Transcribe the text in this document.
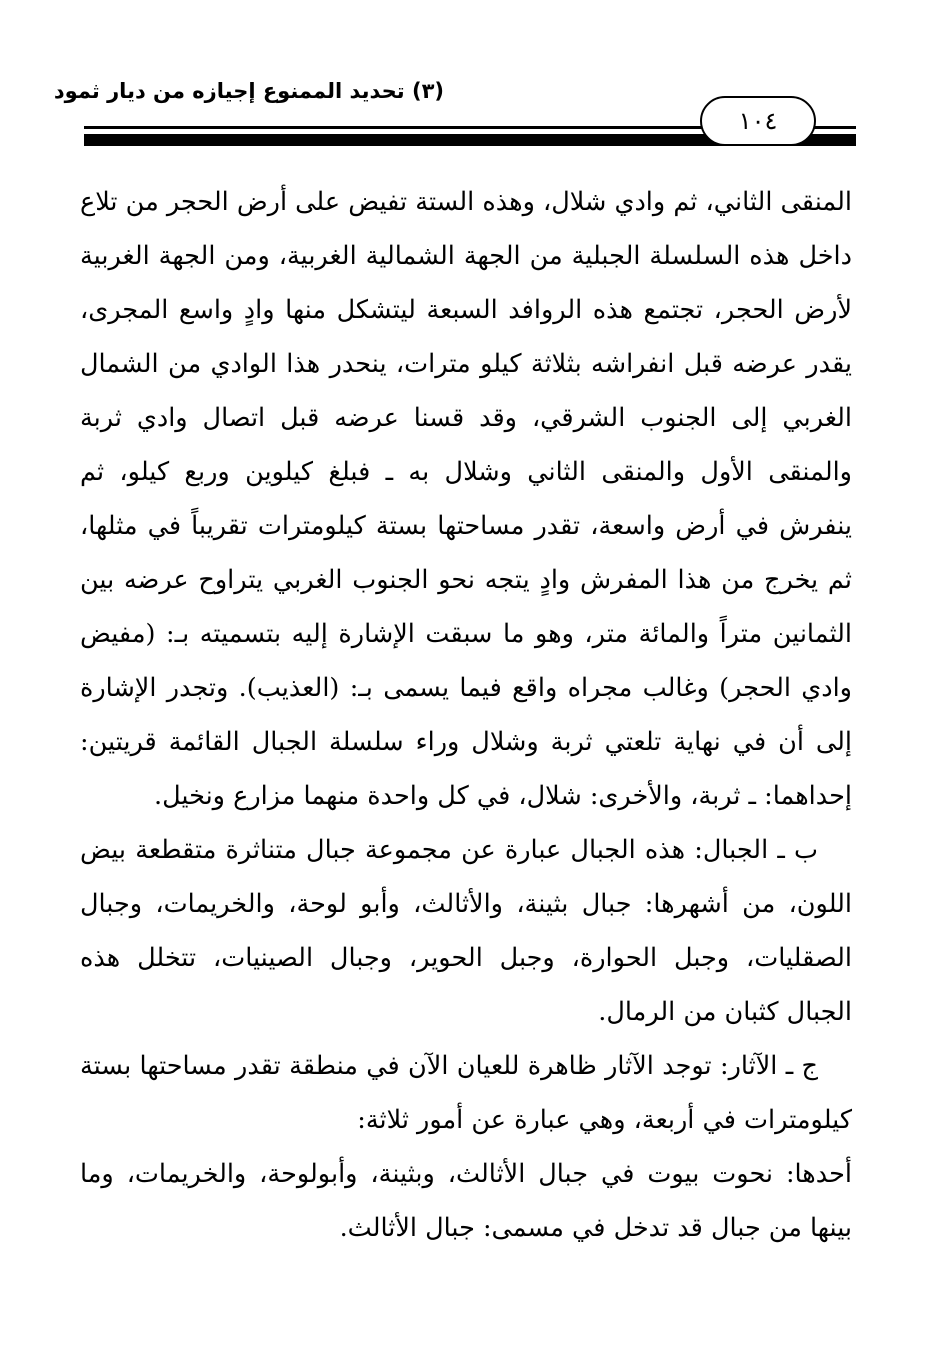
(٣) تحديد الممنوع إجيازه من ديار ثمود
١٠٤

المنقى الثاني، ثم وادي شلال، وهذه الستة تفيض على أرض الحجر من تلاع داخل هذه السلسلة الجبلية من الجهة الشمالية الغربية، ومن الجهة الغربية لأرض الحجر، تجتمع هذه الروافد السبعة ليتشكل منها وادٍ واسع المجرى، يقدر عرضه قبل انفراشه بثلاثة كيلو مترات، ينحدر هذا الوادي من الشمال الغربي إلى الجنوب الشرقي، وقد قسنا عرضه قبل اتصال وادي ثربة والمنقى الأول والمنقى الثاني وشلال به ـ فبلغ كيلوين وربع كيلو، ثم ينفرش في أرض واسعة، تقدر مساحتها بستة كيلومترات تقريباً في مثلها، ثم يخرج من هذا المفرش وادٍ يتجه نحو الجنوب الغربي يتراوح عرضه بين الثمانين متراً والمائة متر، وهو ما سبقت الإشارة إليه بتسميته بـ: (مفيض وادي الحجر) وغالب مجراه واقع فيما يسمى بـ: (العذيب). وتجدر الإشارة إلى أن في نهاية تلعتي ثربة وشلال وراء سلسلة الجبال القائمة قريتين: إحداهما: ـ ثربة، والأخرى: شلال، في كل واحدة منهما مزارع ونخيل.

ب ـ الجبال: هذه الجبال عبارة عن مجموعة جبال متناثرة متقطعة بيض اللون، من أشهرها: جبال بثينة، والأثالث، وأبو لوحة، والخريمات، وجبال الصقليات، وجبل الحوارة، وجبل الحوير، وجبال الصينيات، تتخلل هذه الجبال كثبان من الرمال.

ج ـ الآثار: توجد الآثار ظاهرة للعيان الآن في منطقة تقدر مساحتها بستة كيلومترات في أربعة، وهي عبارة عن أمور ثلاثة:

أحدها: نحوت بيوت في جبال الأثالث، وبثينة، وأبولوحة، والخريمات، وما بينها من جبال قد تدخل في مسمى: جبال الأثالث.
